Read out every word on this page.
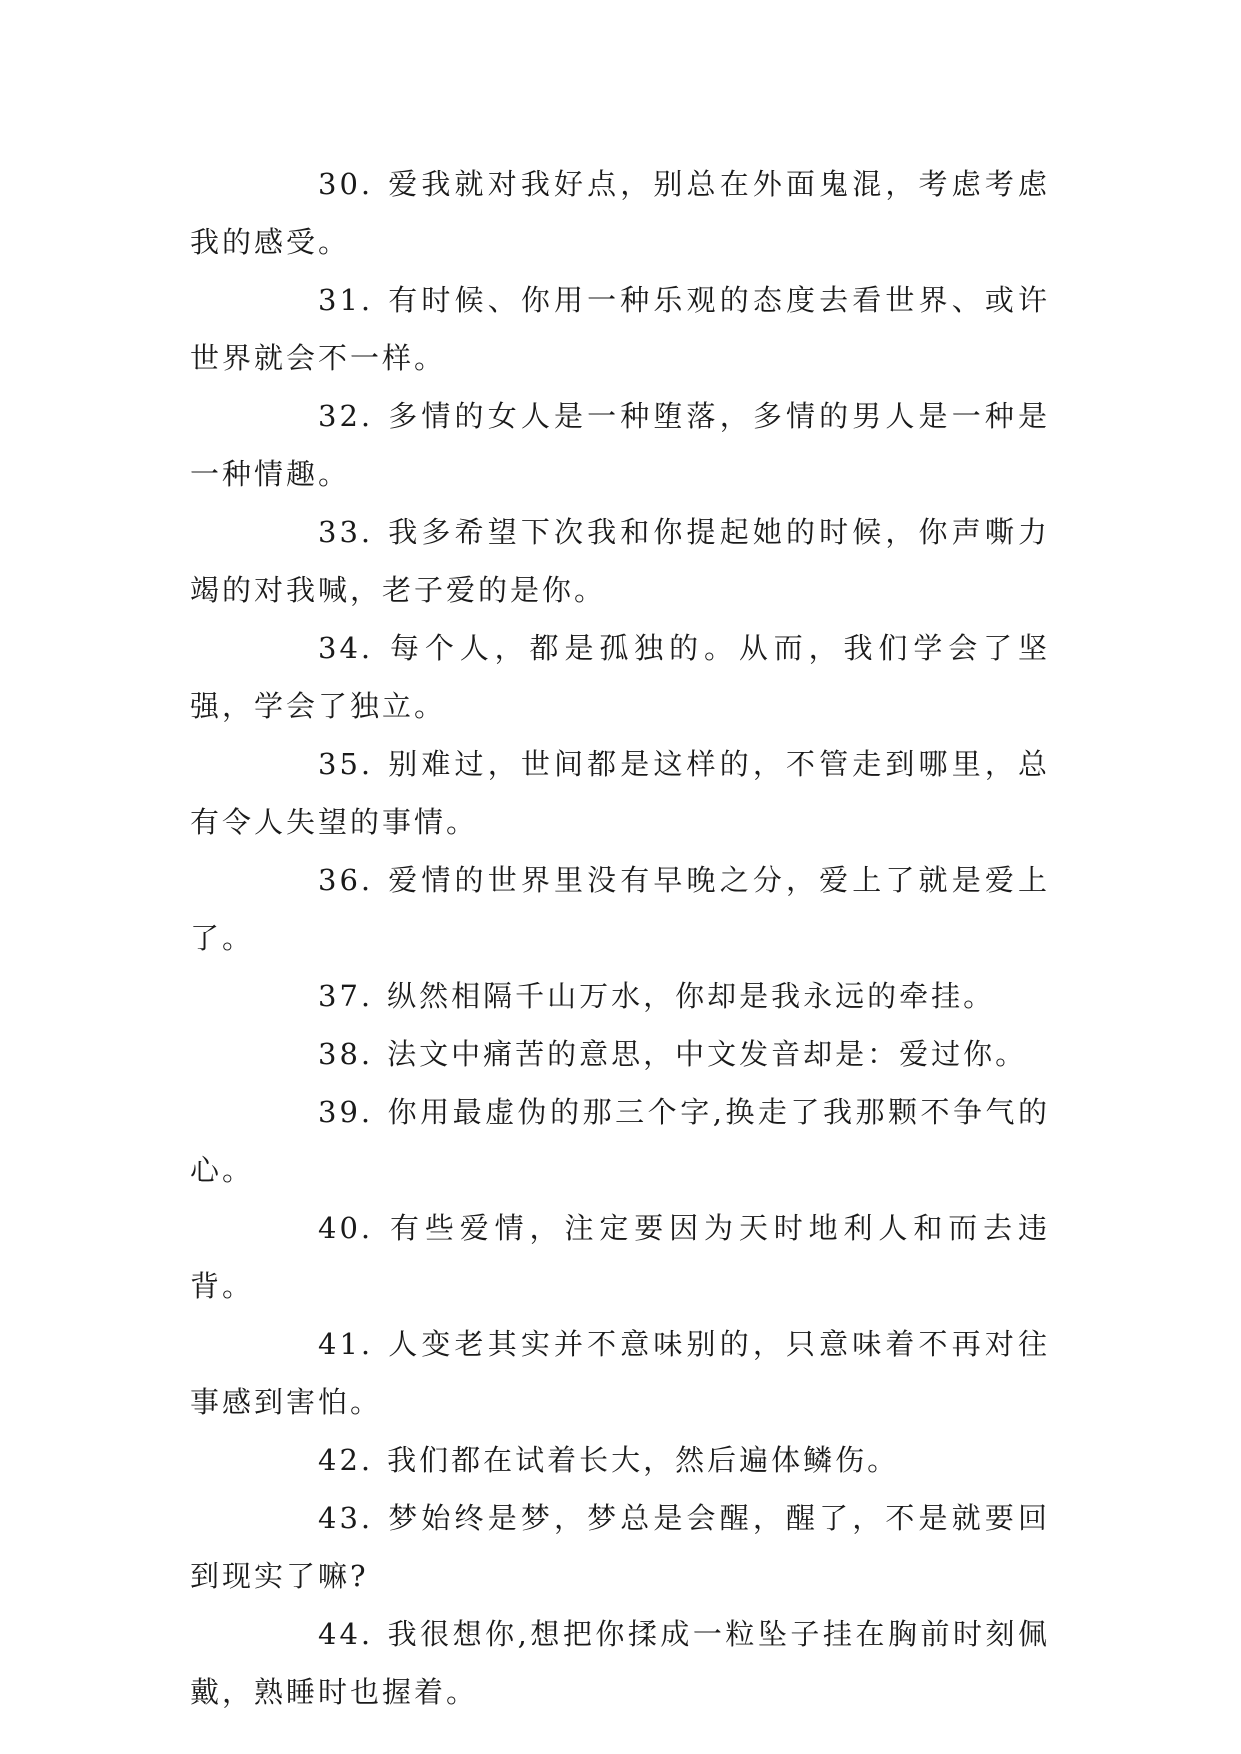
30. 爱我就对我好点，别总在外面鬼混，考虑考虑我的感受。

31. 有时候、你用一种乐观的态度去看世界、或许世界就会不一样。

32. 多情的女人是一种堕落，多情的男人是一种是一种情趣。

33. 我多希望下次我和你提起她的时候，你声嘶力竭的对我喊，老子爱的是你。

34. 每个人，都是孤独的。从而，我们学会了坚强，学会了独立。

35. 别难过，世间都是这样的，不管走到哪里，总有令人失望的事情。

36. 爱情的世界里没有早晚之分，爱上了就是爱上了。

37. 纵然相隔千山万水，你却是我永远的牵挂。

38. 法文中痛苦的意思，中文发音却是：爱过你。

39. 你用最虚伪的那三个字,换走了我那颗不争气的心。

40. 有些爱情，注定要因为天时地利人和而去违背。

41. 人变老其实并不意味别的，只意味着不再对往事感到害怕。

42. 我们都在试着长大，然后遍体鳞伤。

43. 梦始终是梦，梦总是会醒，醒了，不是就要回到现实了嘛?

44. 我很想你,想把你揉成一粒坠子挂在胸前时刻佩戴，熟睡时也握着。
